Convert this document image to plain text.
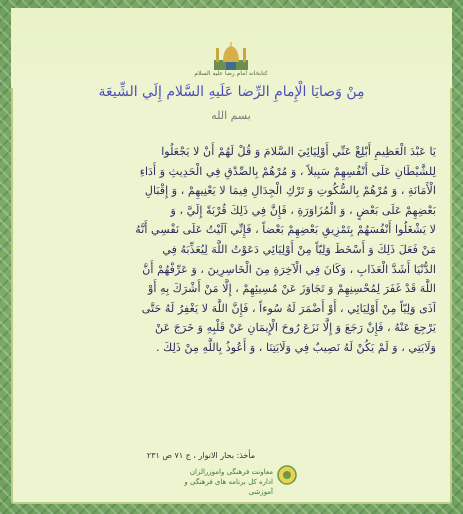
کتابخانه امام رضا علیه السلام
مِنْ وَصايَا الْإِمامِ الرِّضا عَلَيهِ السَّلام إِلَي الشِّيعَة
بسم الله
يَا عَبْدَ الْعَظِيمِ أَبْلِغْ عَنِّي أَوْلِيَائِيَ السَّلامَ وَ قُلْ لَهُمْ أَنْ لا يَجْعَلُوا
لِلشَّيْطَانِ عَلَى أَنْفُسِهِمْ سَبِيلاً ، وَ مُرْهُمْ بِالصِّدْقِ فِي الْحَدِيثِ وَ أَدَاءِ
الْأَمَانَةِ ، وَ مُرْهُمْ بِالسُّكُوتِ وَ تَرْكِ الْجِدَالِ فِيمَا لا يَعْنِيهِمْ ، وَ إِقْبَالِ
بَعْضِهِمْ عَلَى بَعْضٍ ، وَ الْمُزَاوَرَةِ ، فَإِنَّ فِي ذَلِكَ قُرْبَةً إِلَيَّ ، وَ
لا يَشْغَلُوا أَنْفُسَهُمْ بِتَمْزِيقِ بَعْضِهِمْ بَعْضاً ، فَإِنِّي آلَيْتُ عَلَى نَفْسِي أَنَّهُ
مَنْ فَعَلَ ذَلِكَ وَ أَسْخَطَ وَلِيّاً مِنْ أَوْلِيَائِي دَعَوْتُ اللَّهَ لِيُعَذِّبَهُ فِي
الدُّنْيَا أَشَدَّ الْعَذَابِ ، وَكَانَ فِي الْآخِرَةِ مِنَ الْخَاسِرِينَ ، وَ عَرِّفْهُمْ أَنَّ
اللَّهَ قَدْ غَفَرَ لِمُحْسِنِهِمْ وَ تَجَاوَزَ عَنْ مُسِيئِهِمْ ، إِلَّا مَنْ أَشْرَكَ بِهِ أَوْ
آذَى وَلِيّاً مِنْ أَوْلِيَائِي ، أَوْ أَضْمَرَ لَهُ سُوءاً ، فَإِنَّ اللَّهَ لا يَغْفِرُ لَهُ حَتَّى
يَرْجِعَ عَنْهُ ، فَإِنْ رَجَعَ وَ إِلَّا نَزَعَ رُوحَ الْإِيمَانِ عَنْ قَلْبِهِ وَ خَرَجَ عَنْ
وَلَايَتِي ، وَ لَمْ يَكُنْ لَهُ نَصِيبٌ فِي وَلَايَتِنَا ، وَ أَعُوذُ بِاللَّهِ مِنْ ذَلِكَ .
مأخذ: بحار الانوار ، ج ٧١ ص ٢٣١
معاونت فرهنگی واموزرالزان
اداره كل برنامه های فرهنگی و آموزشی
